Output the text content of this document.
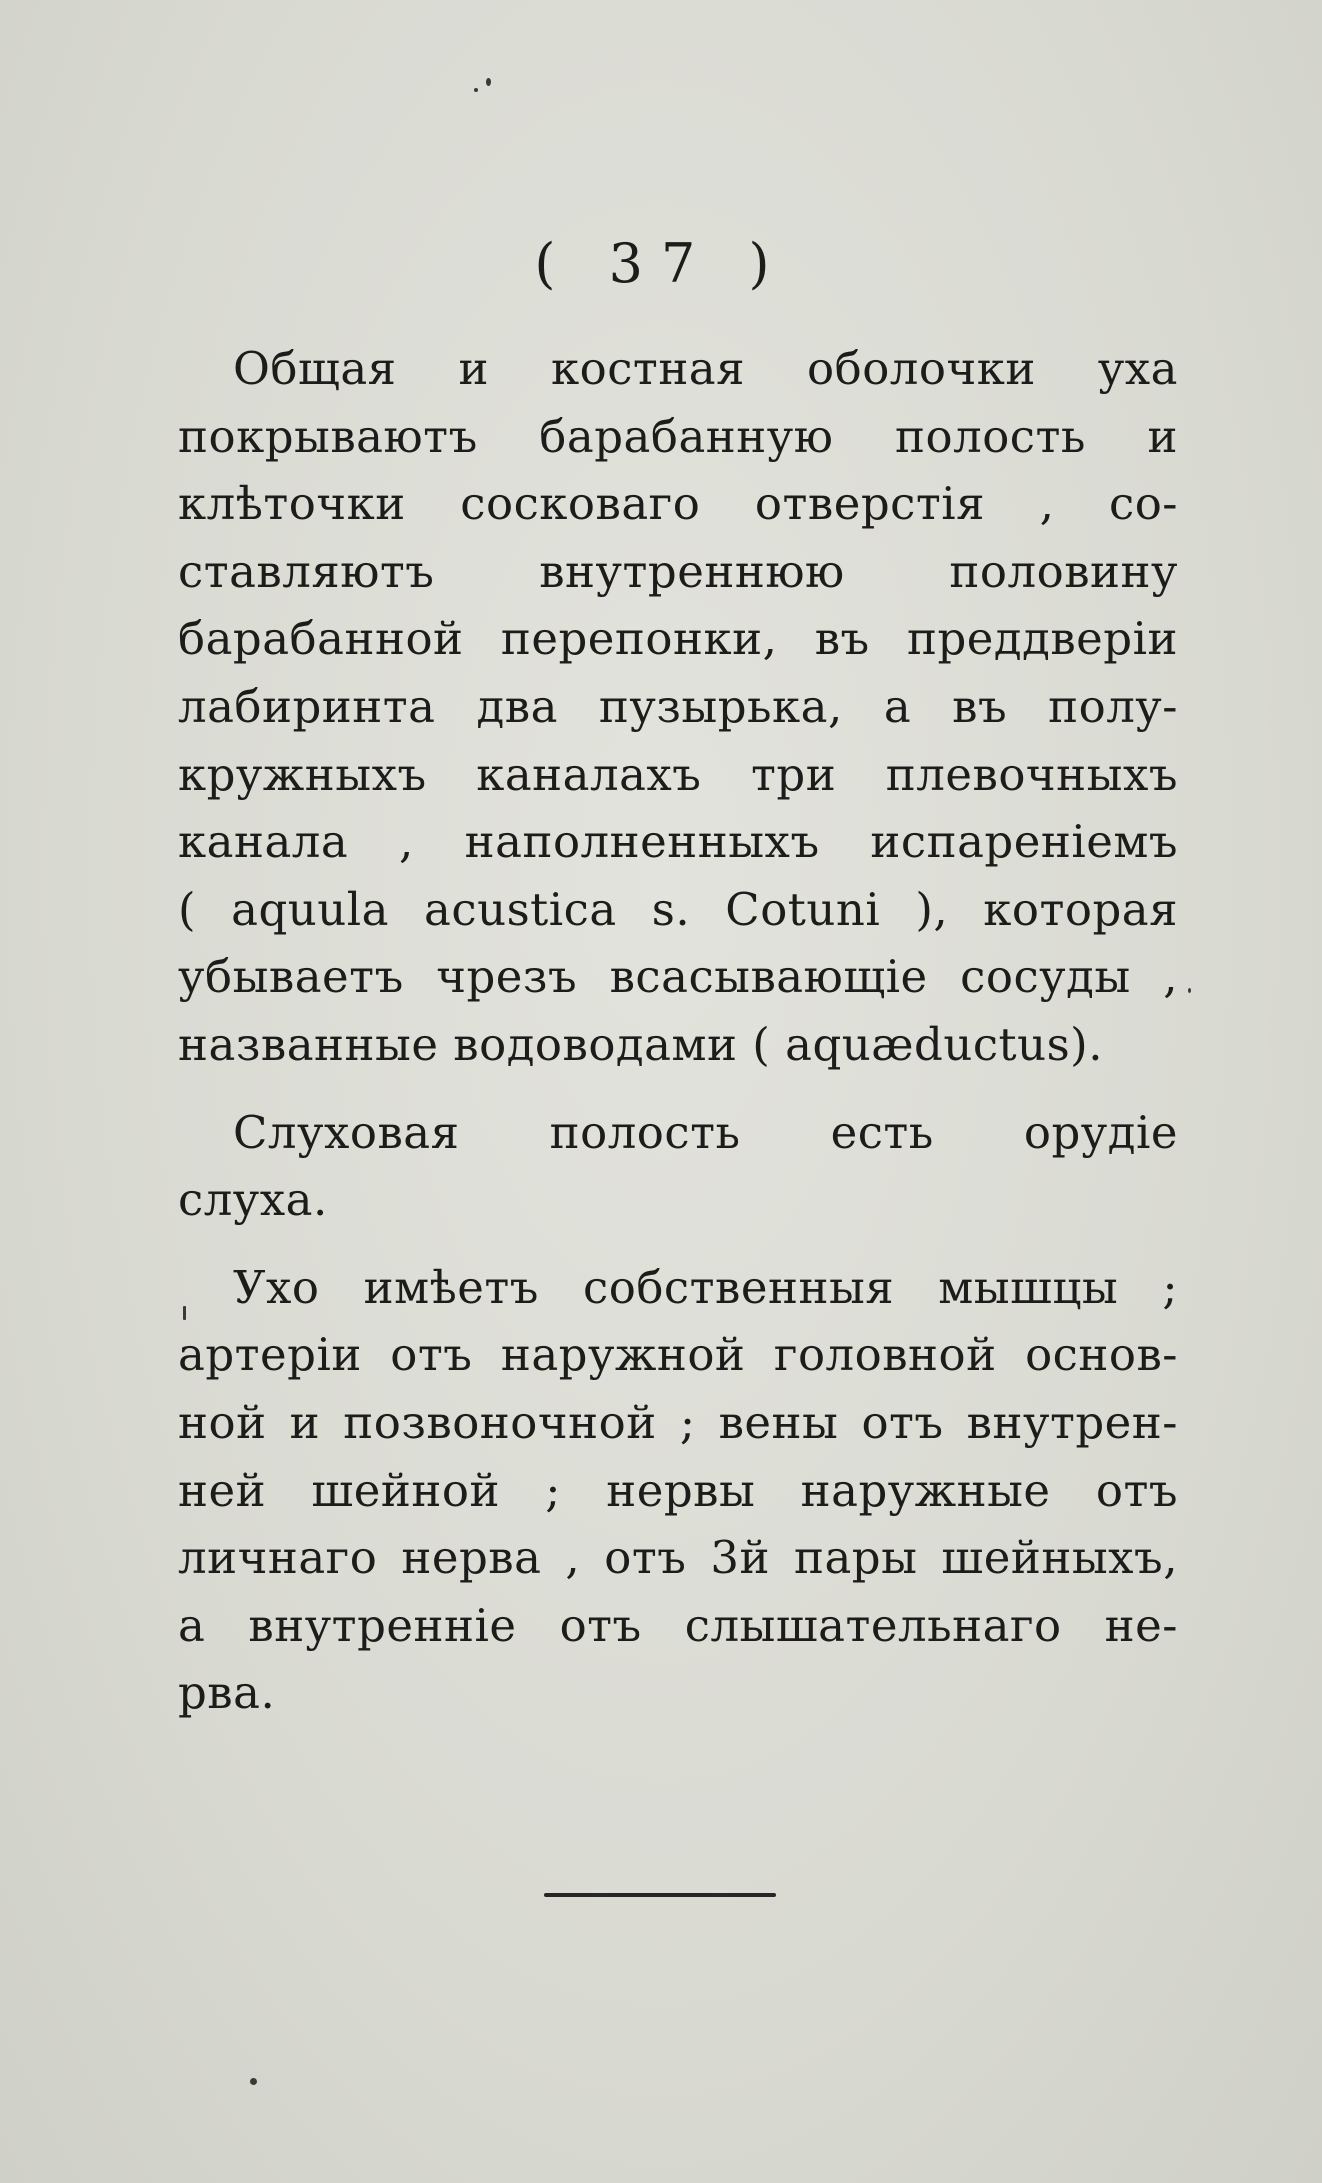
( 37 )
Общая и костная оболочки уха
покрываютъ барабанную полость и
клѣточки сосковаго отверстія , со-
ставляютъ внутреннюю половину
барабанной перепонки, въ преддверіи
лабиринта два пузырька, а въ полу-
кружныхъ каналахъ три плевочныхъ
канала , наполненныхъ испареніемъ
( aquula acustica s. Cotuni ), которая
убываетъ чрезъ всасывающіе сосуды ,
названные водоводами ( aquæductus).
Слуховая полость есть орудіе
слуха.
Ухо имѣетъ собственныя мышцы ;
артеріи отъ наружной головной основ-
ной и позвоночной ; вены отъ внутрен-
ней шейной ; нервы наружные отъ
личнаго нерва , отъ 3й пары шейныхъ,
а внутренніе отъ слышательнаго не-
рва.
